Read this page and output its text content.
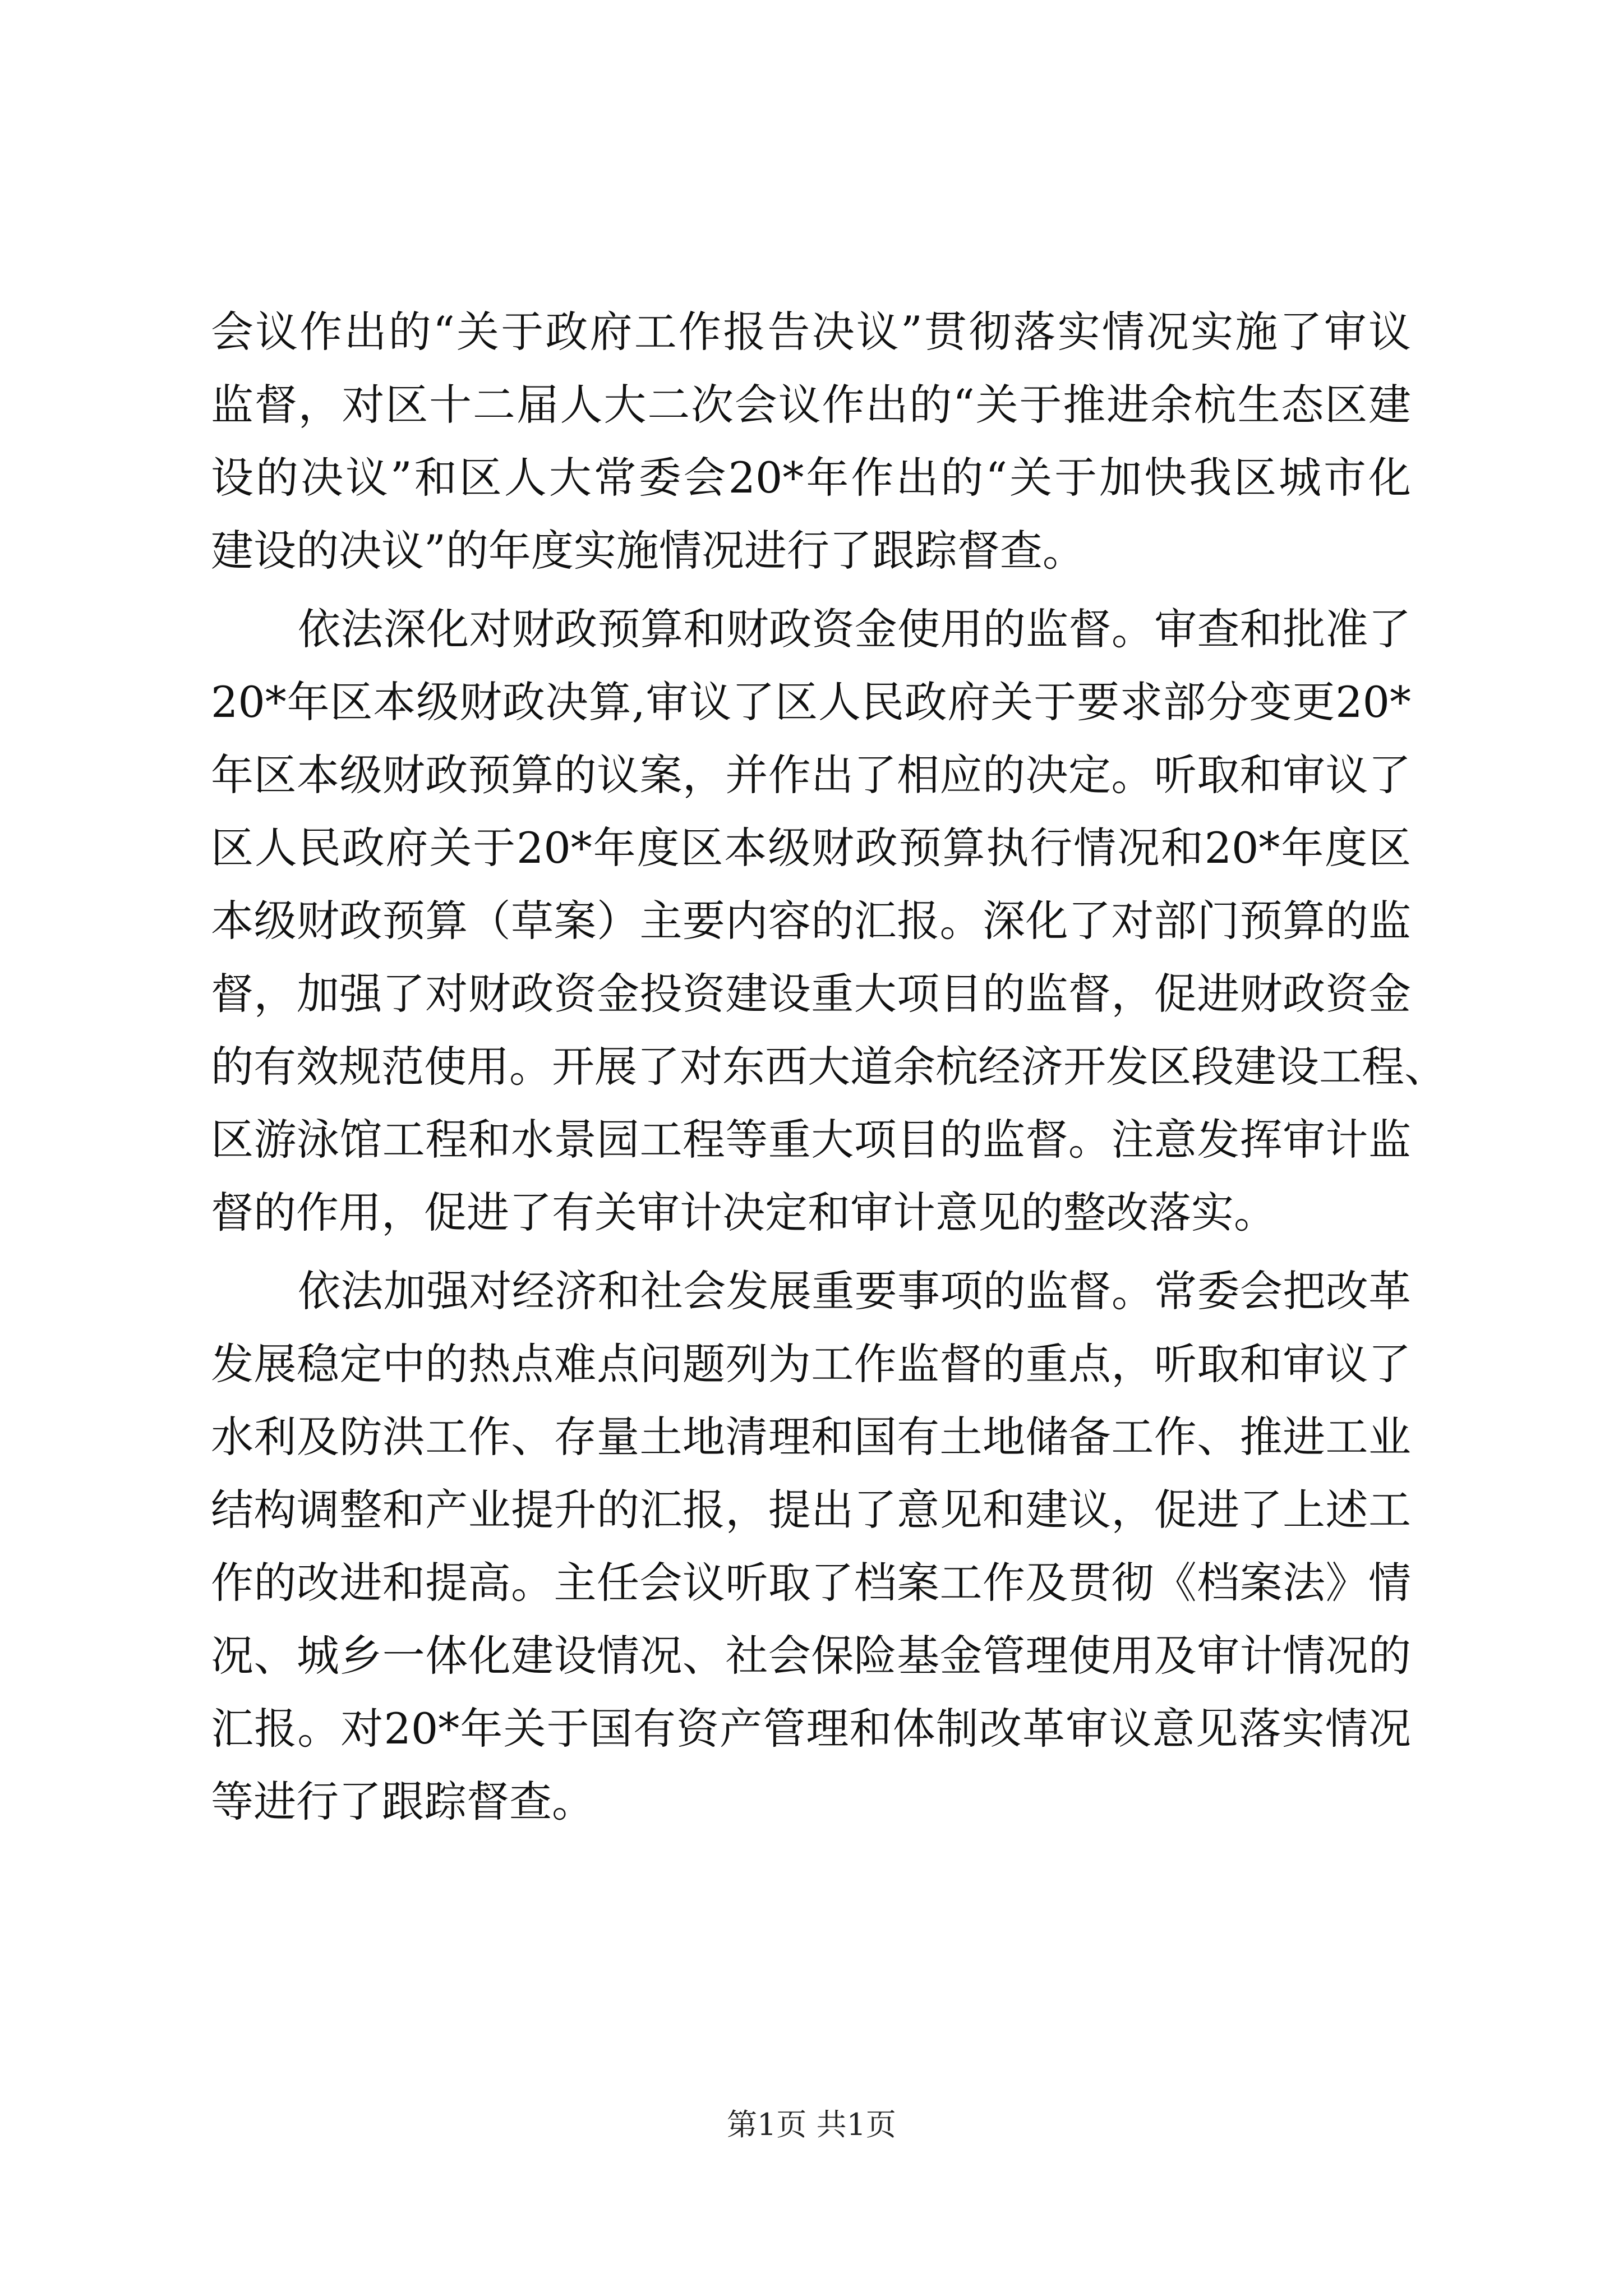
会议作出的“关于政府工作报告决议”贯彻落实情况实施了审议
监督，对区十二届人大二次会议作出的“关于推进余杭生态区建
设的决议”和区人大常委会20*年作出的“关于加快我区城市化
建设的决议”的年度实施情况进行了跟踪督查。
依法深化对财政预算和财政资金使用的监督。审查和批准了
20*年区本级财政决算,审议了区人民政府关于要求部分变更20*
年区本级财政预算的议案，并作出了相应的决定。听取和审议了
区人民政府关于20*年度区本级财政预算执行情况和20*年度区
本级财政预算（草案）主要内容的汇报。深化了对部门预算的监
督，加强了对财政资金投资建设重大项目的监督，促进财政资金
的有效规范使用。开展了对东西大道余杭经济开发区段建设工程、
区游泳馆工程和水景园工程等重大项目的监督。注意发挥审计监
督的作用，促进了有关审计决定和审计意见的整改落实。
依法加强对经济和社会发展重要事项的监督。常委会把改革
发展稳定中的热点难点问题列为工作监督的重点，听取和审议了
水利及防洪工作、存量土地清理和国有土地储备工作、推进工业
结构调整和产业提升的汇报，提出了意见和建议，促进了上述工
作的改进和提高。主任会议听取了档案工作及贯彻《档案法》情
况、城乡一体化建设情况、社会保险基金管理使用及审计情况的
汇报。对20*年关于国有资产管理和体制改革审议意见落实情况
等进行了跟踪督查。
第1页 共1页
